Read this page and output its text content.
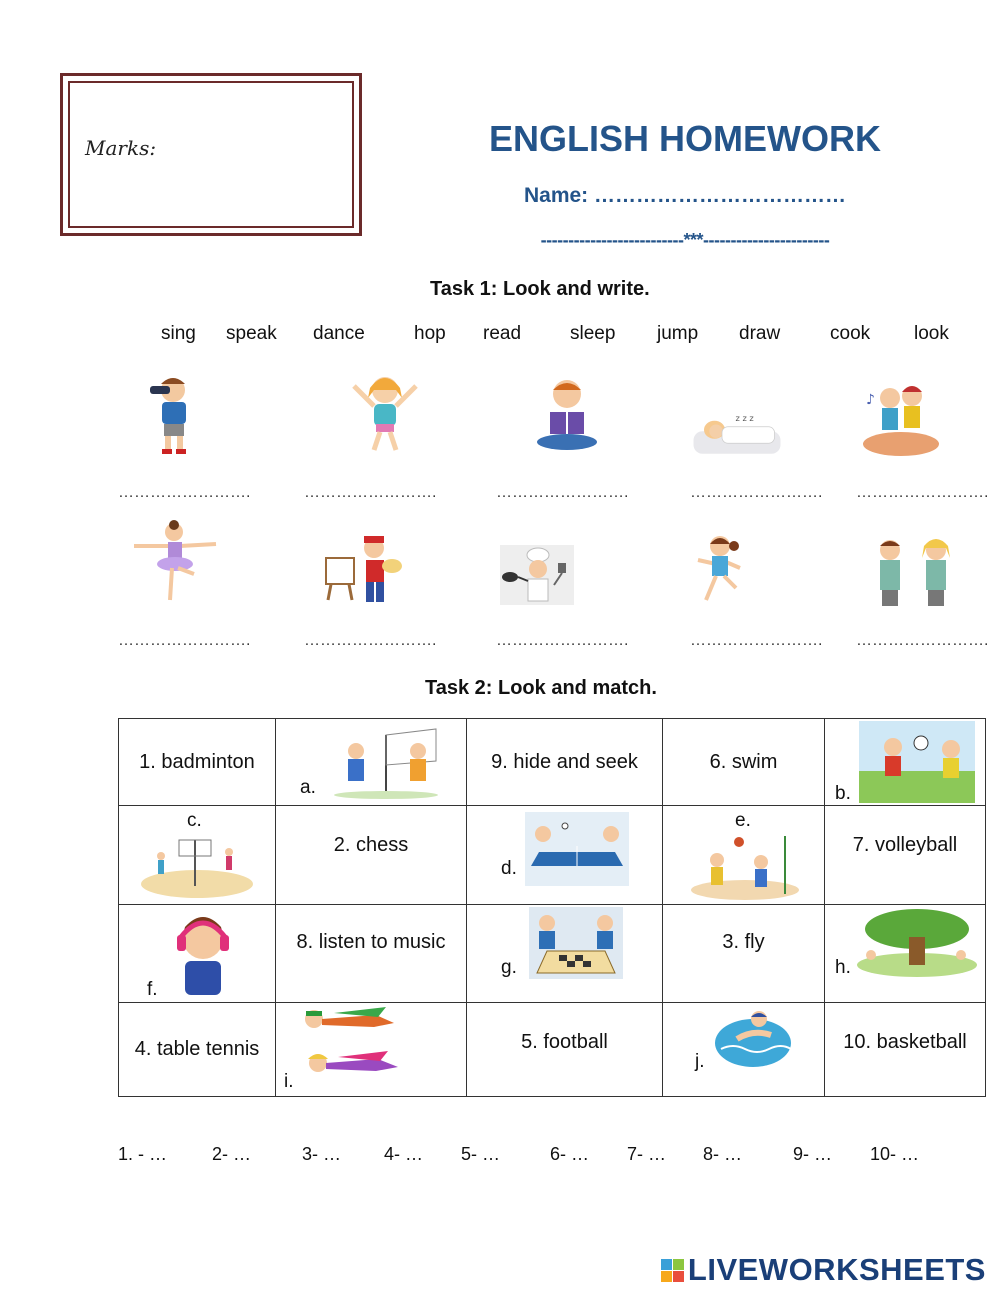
Marks:	ENGLISH HOMEWORK
Name: ………………………………
--------------------------***-----------------------
Task 1: Look and write.
sing speak dance	hop read	sleep jump draw	cook look
z z z
♪
…………………….	…………………….	…………………….	……………………. …………………….
…………………….	…………………….	…………………….	……………………. …………………….
Task 2: Look and match.
1. badminton	a.	9. hide and seek	6. swim	b.

c.	2. chess	d.	e.	7. volleyball

f.	8. listen to music	g.	3. fly	h.

4. table tennis	i.	5. football	j.	10. basketball
1. - … 2- …	3- … 4- … 5- …	6- … 7- … 8- …	9- … 10- …
LIVEWORKSHEETS
